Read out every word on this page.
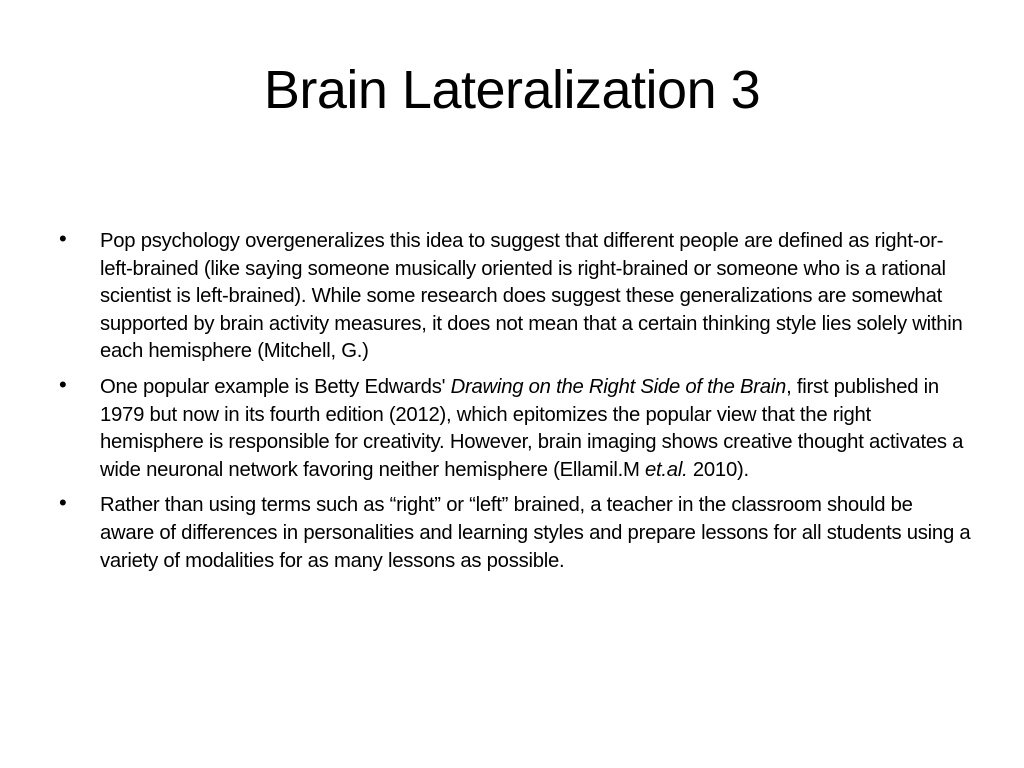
Brain Lateralization 3
• Pop psychology overgeneralizes this idea to suggest that different people are defined as right-or-left-brained (like saying someone musically oriented is right-brained or someone who is a rational scientist is left-brained). While some research does suggest these generalizations are somewhat supported by brain activity measures, it does not mean that a certain thinking style lies solely within each hemisphere (Mitchell, G.)
• One popular example is Betty Edwards' Drawing on the Right Side of the Brain, first published in 1979 but now in its fourth edition (2012), which epitomizes the popular view that the right hemisphere is responsible for creativity. However, brain imaging shows creative thought activates a wide neuronal network favoring neither hemisphere (Ellamil.M et.al. 2010).
• Rather than using terms such as “right” or “left” brained, a teacher in the classroom should be aware of differences in personalities and learning styles and prepare lessons for all students using a variety of modalities for as many lessons as possible.
